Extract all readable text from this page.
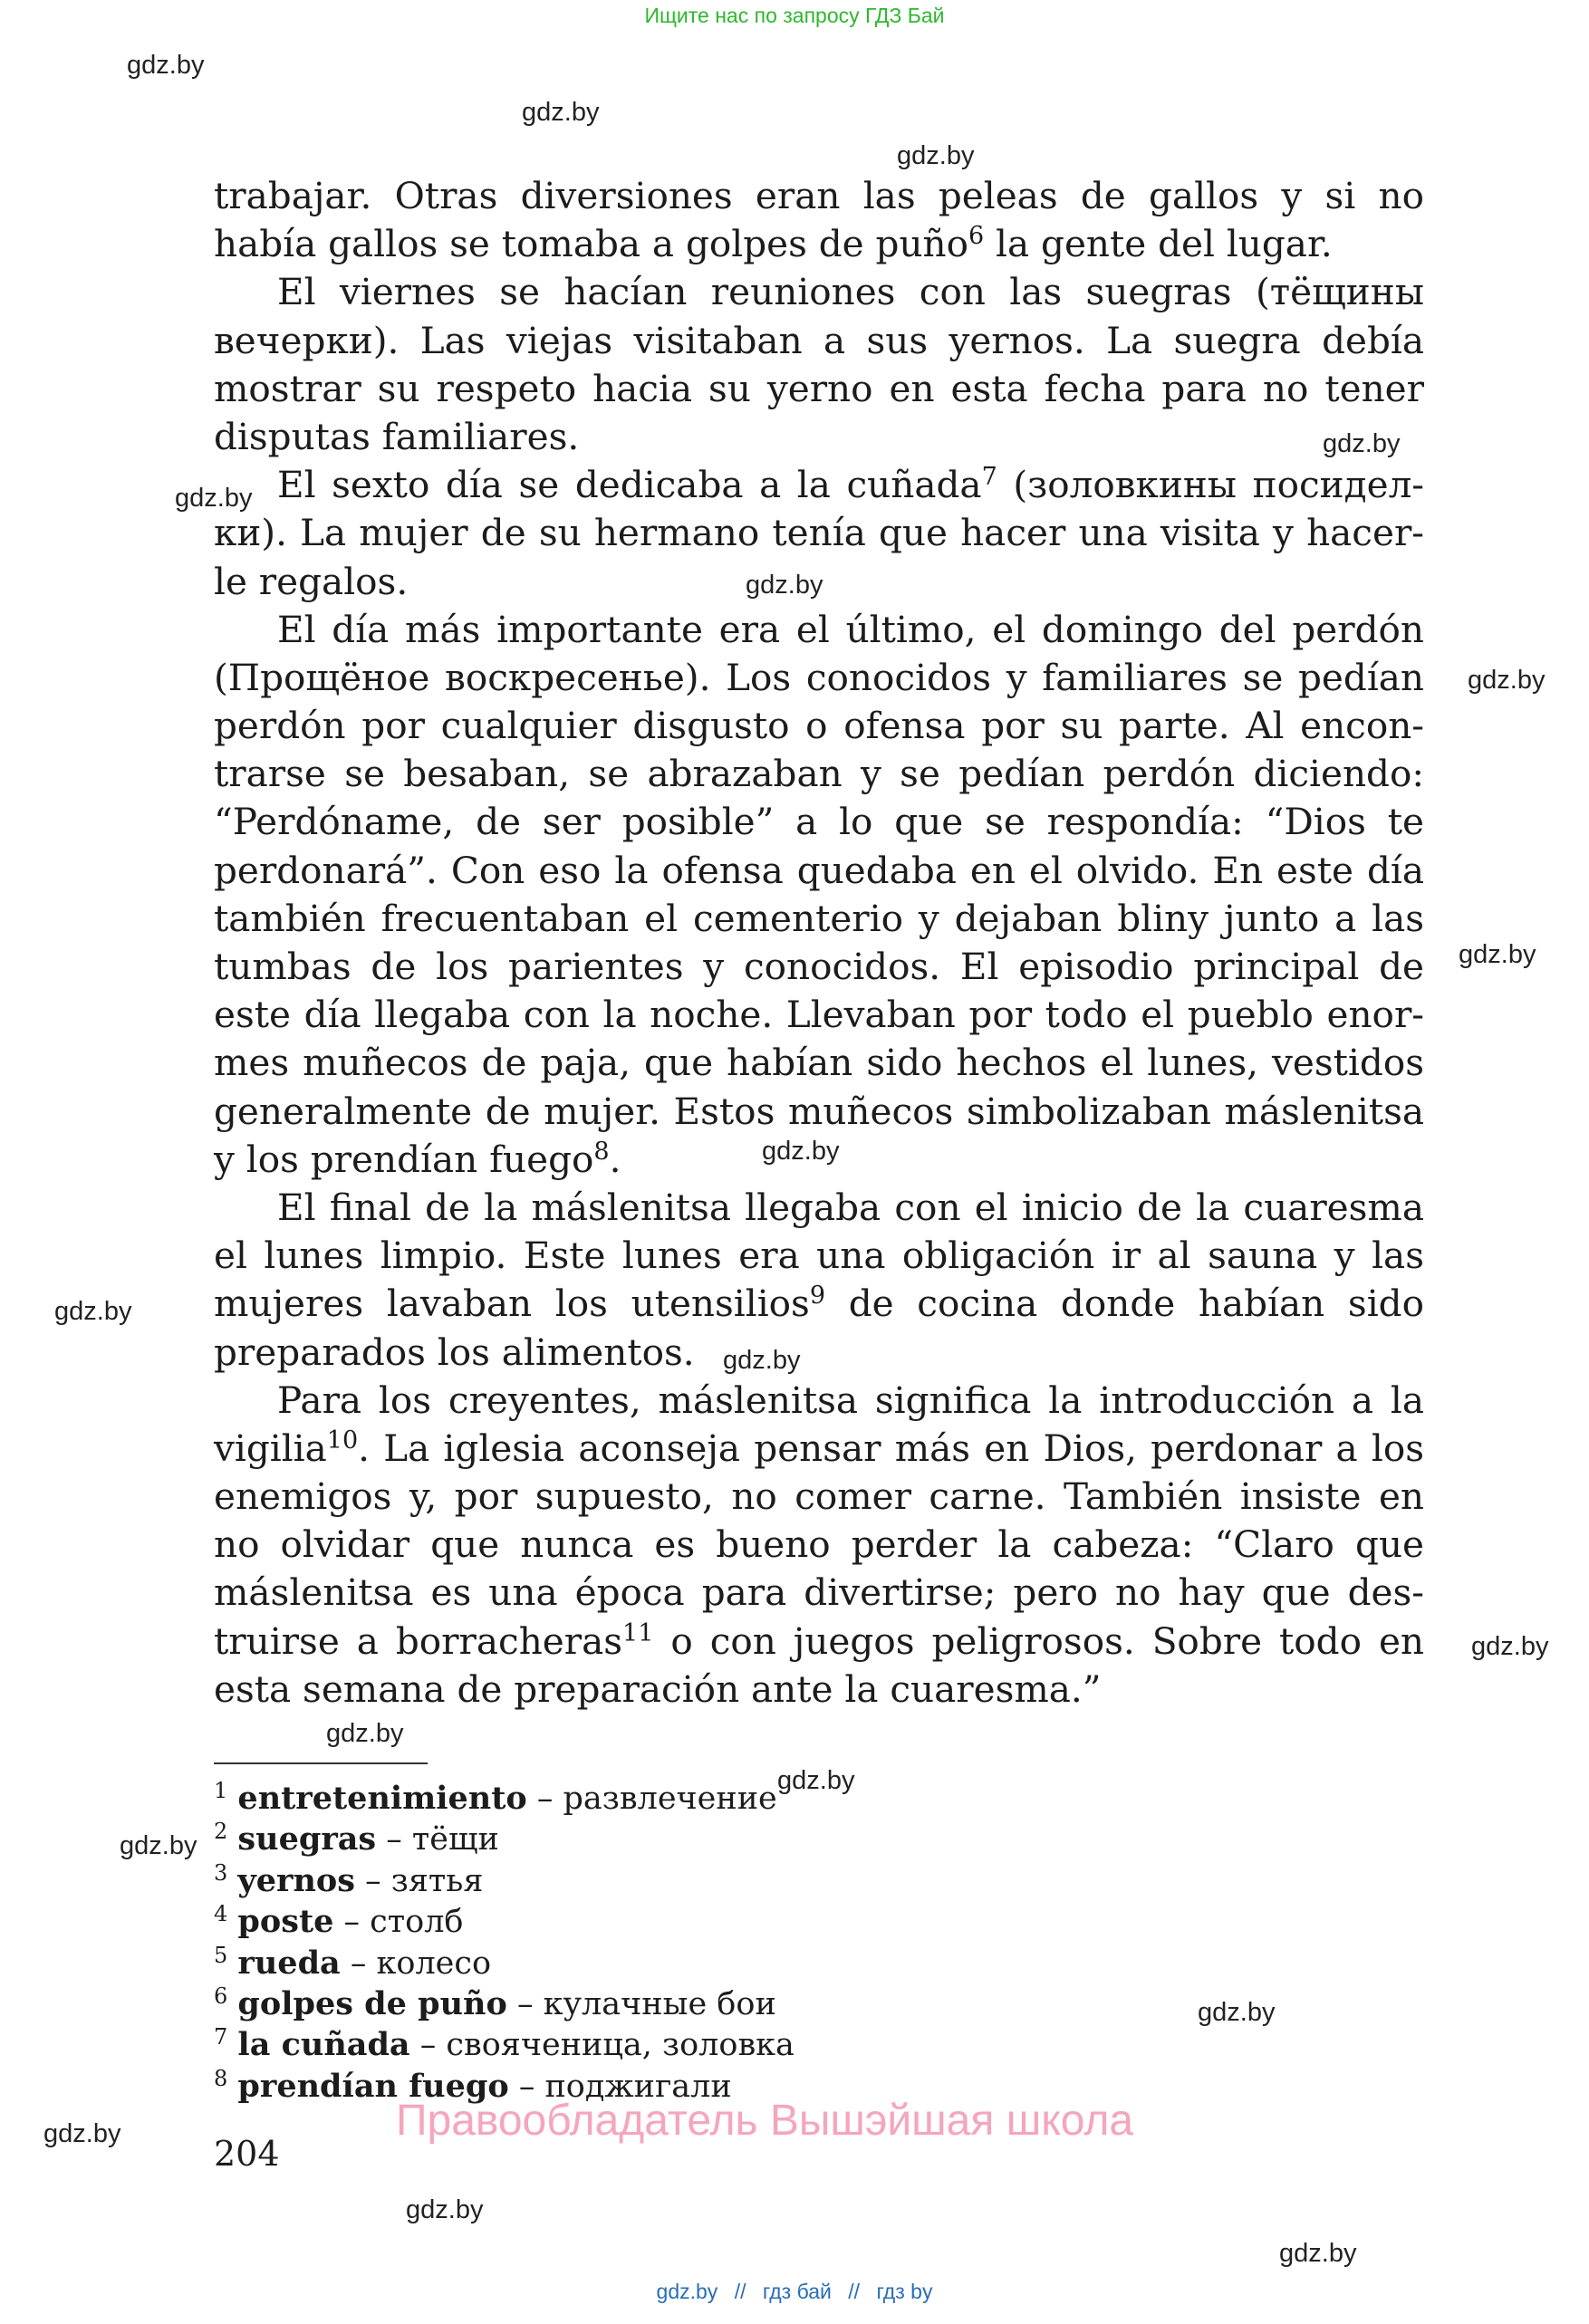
Ищите нас по запросу ГДЗ Бай
gdz.by
gdz.by
gdz.by
gdz.by
gdz.by
gdz.by
gdz.by
gdz.by
gdz.by
gdz.by
gdz.by
gdz.by
gdz.by
gdz.by
gdz.by
gdz.by
gdz.by
gdz.by
gdz.by
trabajar. Otras diversiones eran las peleas de gallos y si no
había gallos se tomaba a golpes de puño$^6$ la gente del lugar.
El viernes se hacían reuniones con las suegras (тёщины
вечерки). Las viejas visitaban a sus yernos. La suegra debía
mostrar su respeto hacia su yerno en esta fecha para no tener
disputas familiares.
El sexto día se dedicaba a la cuñada$^7$ (золовкины посидел-
ки). La mujer de su hermano tenía que hacer una visita y hacer-
le regalos.
El día más importante era el último, el domingo del perdón
(Прощёное воскресенье). Los conocidos y familiares se pedían
perdón por cualquier disgusto o ofensa por su parte. Al encon-
trarse se besaban, se abrazaban y se pedían perdón diciendo:
“Perdóname, de ser posible” a lo que se respondía: “Dios te
perdonará”. Con eso la ofensa quedaba en el olvido. En este día
también frecuentaban el cementerio y dejaban bliny junto a las
tumbas de los parientes y conocidos. El episodio principal de
este día llegaba con la noche. Llevaban por todo el pueblo enor-
mes muñecos de paja, que habían sido hechos el lunes, vestidos
generalmente de mujer. Estos muñecos simbolizaban máslenitsa
y los prendían fuego$^8$.
El final de la máslenitsa llegaba con el inicio de la cuaresma
el lunes limpio. Este lunes era una obligación ir al sauna y las
mujeres lavaban los utensilios$^9$ de cocina donde habían sido
preparados los alimentos.
Para los creyentes, máslenitsa significa la introducción a la
vigilia$^{10}$. La iglesia aconseja pensar más en Dios, perdonar a los
enemigos y, por supuesto, no comer carne. También insiste en
no olvidar que nunca es bueno perder la cabeza: “Claro que
máslenitsa es una época para divertirse; pero no hay que des-
truirse a borracheras$^{11}$ o con juegos peligrosos. Sobre todo en
esta semana de preparación ante la cuaresma.”
$^1$ entretenimiento – развлечение
$^2$ suegras – тёщи
$^3$ yernos – зятья
$^4$ poste – столб
$^5$ rueda – колесо
$^6$ golpes de puño – кулачные бои
$^7$ la cuñada – свояченица, золовка
$^8$ prendían fuego – поджигали
Правообладатель Вышэйшая школа
204
gdz.by // гдз бай // гдз by
